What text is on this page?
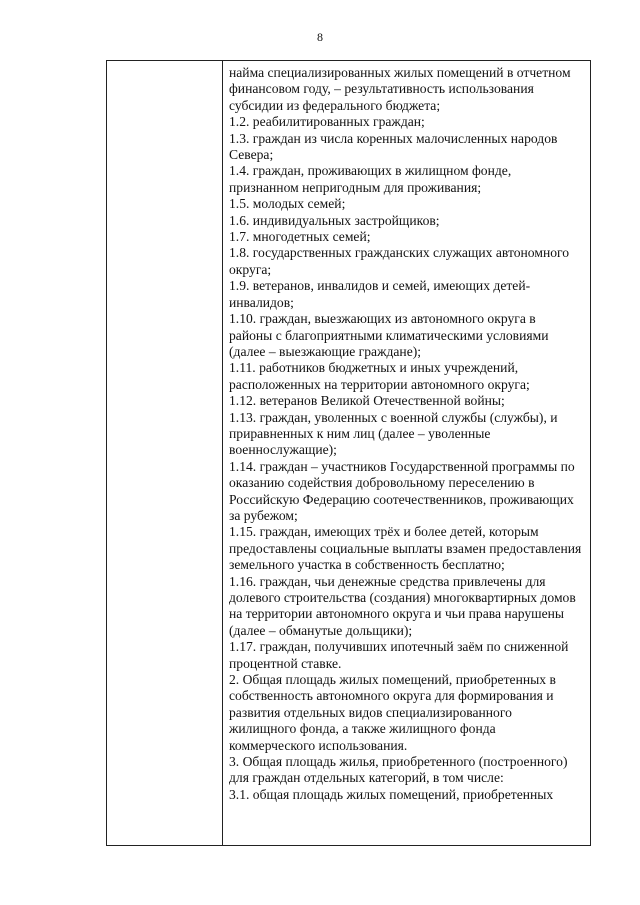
8
найма специализированных жилых помещений в отчетном
финансовом году, – результативность использования
субсидии из федерального бюджета;
1.2. реабилитированных граждан;
1.3. граждан из числа коренных малочисленных народов
Севера;
1.4. граждан, проживающих в жилищном фонде,
признанном непригодным для проживания;
1.5. молодых семей;
1.6. индивидуальных застройщиков;
1.7. многодетных семей;
1.8. государственных гражданских служащих автономного
округа;
1.9. ветеранов, инвалидов и семей, имеющих детей-
инвалидов;
1.10. граждан, выезжающих из автономного округа в
районы с благоприятными климатическими условиями
(далее – выезжающие граждане);
1.11. работников бюджетных и иных учреждений,
расположенных на территории автономного округа;
1.12. ветеранов Великой Отечественной войны;
1.13. граждан, уволенных с военной службы (службы), и
приравненных к ним лиц (далее – уволенные
военнослужащие);
1.14. граждан – участников Государственной программы по
оказанию содействия добровольному переселению в
Российскую Федерацию соотечественников, проживающих
за рубежом;
1.15. граждан, имеющих трёх и более детей, которым
предоставлены социальные выплаты взамен предоставления
земельного участка в собственность бесплатно;
1.16. граждан, чьи денежные средства привлечены для
долевого строительства (создания) многоквартирных домов
на территории автономного округа и чьи права нарушены
(далее – обманутые дольщики);
1.17. граждан, получивших ипотечный заём по сниженной
процентной ставке.
2. Общая площадь жилых помещений, приобретенных в
собственность автономного округа для формирования и
развития отдельных видов специализированного
жилищного фонда, а также жилищного фонда
коммерческого использования.
3. Общая площадь жилья, приобретенного (построенного)
для граждан отдельных категорий, в том числе:
3.1. общая площадь жилых помещений, приобретенных
